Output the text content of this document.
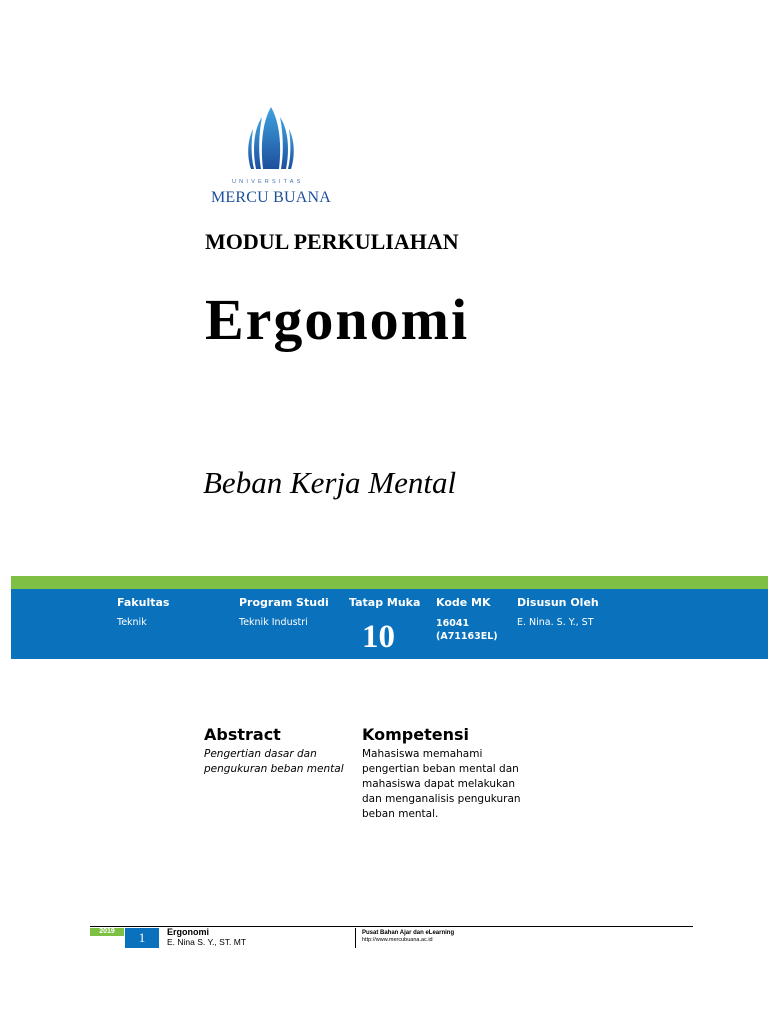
UNIVERSITAS
MERCU BUANA
MODUL PERKULIAHAN
Ergonomi
Beban Kerja Mental
Fakultas
Teknik
Program Studi
Teknik Industri
Tatap Muka
10
Kode MK
16041
(A71163EL)
Disusun Oleh
E. Nina. S. Y., ST
Abstract
Pengertian dasar dan pengukuran beban mental
Kompetensi
Mahasiswa memahami pengertian beban mental dan mahasiswa dapat melakukan dan menganalisis pengukuran beban mental.
2019	1	Ergonomi
E. Nina S. Y., ST. MT
Pusat Bahan Ajar dan eLearning
http://www.mercubuana.ac.id
